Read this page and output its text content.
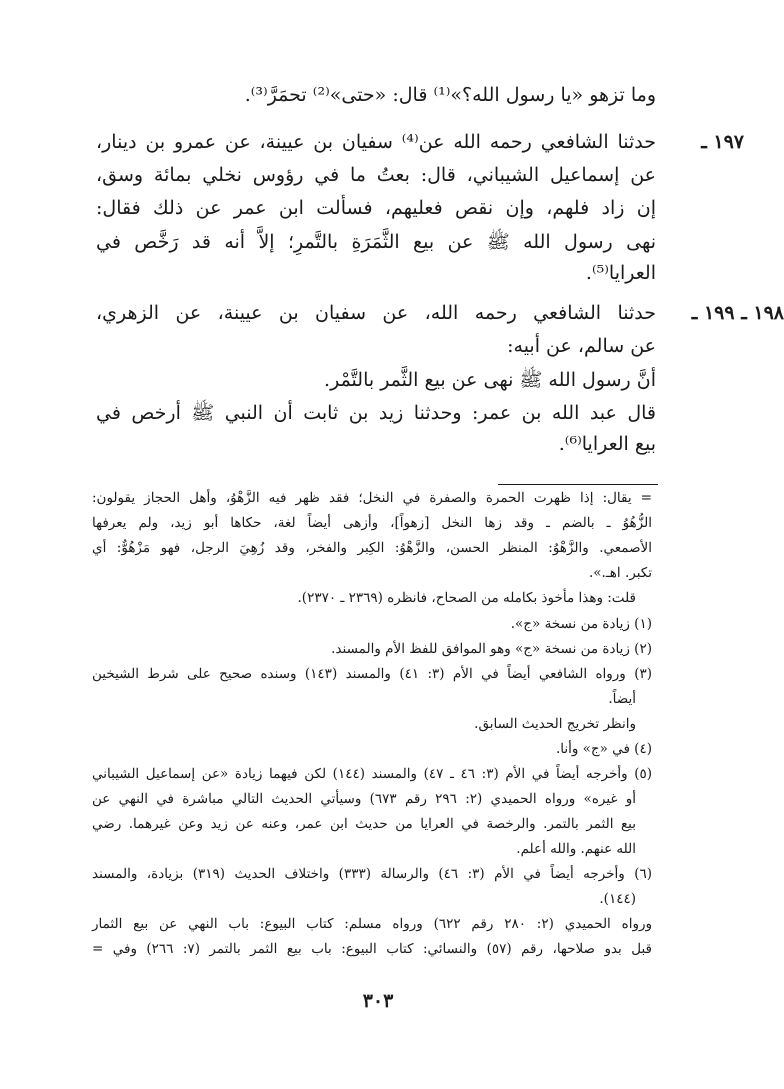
وما تزهو «يا رسول الله؟»⁽¹⁾ قال: «حتى»⁽²⁾ تحمَرَّ⁽³⁾.
١٩٧ ـ
حدثنا الشافعي رحمه الله عن⁽⁴⁾ سفيان بن عيينة، عن عمرو بن دينار،
عن إسماعيل الشيباني، قال: بعتُ ما في رؤوس نخلي بمائة وسق،
إن زاد فلهم، وإن نقص فعليهم، فسألت ابن عمر عن ذلك فقال:
نهى رسول الله ﷺ عن بيع الثَّمَرَةِ بالتَّمرِ؛ إلاَّ أنه قد رَخَّص في
العرايا⁽⁵⁾.
١٩٨ ـ ١٩٩ ـ
حدثنا الشافعي رحمه الله، عن سفيان بن عيينة، عن الزهري،
عن سالم، عن أبيه:
أنَّ رسول الله ﷺ نهى عن بيع الثَّمر بالتَّمْر.
قال عبد الله بن عمر: وحدثنا زيد بن ثابت أن النبي ﷺ أرخص في
بيع العرايا⁽⁶⁾.
= يقال: إذا ظهرت الحمرة والصفرة في النخل؛ فقد ظهر فيه الزَّهْوُ، وأهل الحجاز يقولون:
الزُّهُوُ ـ بالضم ـ وقد زها النخل [زهواً]، وأزهى أيضاً لغة، حكاها أبو زيد، ولم يعرفها
الأصمعي. والزَّهْوُ: المنظر الحسن، والزَّهْوُ: الكِبر والفخر، وقد زُهِيَ الرجل، فهو مَزْهُوٌّ: أي
تكبر. اهـ.».
قلت: وهذا مأخوذ بكامله من الصحاح، فانظره (٢٣٦٩ ـ ٢٣٧٠).
(١) زيادة من نسخة «ج».
(٢) زيادة من نسخة «ج» وهو الموافق للفظ الأم والمسند.
(٣) ورواه الشافعي أيضاً في الأم (٣: ٤١) والمسند (١٤٣) وسنده صحيح على شرط الشيخين
أيضاً.
وانظر تخريج الحديث السابق.
(٤) في «ج» وأنا.
(٥) وأخرجه أيضاً في الأم (٣: ٤٦ ـ ٤٧) والمسند (١٤٤) لكن فيهما زيادة «عن إسماعيل الشيباني
أو غيره» ورواه الحميدي (٢: ٢٩٦ رقم ٦٧٣) وسيأتي الحديث التالي مباشرة في النهي عن
بيع الثمر بالتمر. والرخصة في العرايا من حديث ابن عمر، وعنه عن زيد وعن غيرهما. رضي
الله عنهم. والله أعلم.
(٦) وأخرجه أيضاً في الأم (٣: ٤٦) والرسالة (٣٣٣) واختلاف الحديث (٣١٩) بزيادة، والمسند
(١٤٤).
ورواه الحميدي (٢: ٢٨٠ رقم ٦٢٢) ورواه مسلم: كتاب البيوع: باب النهي عن بيع الثمار
قبل بدو صلاحها، رقم (٥٧) والنسائي: كتاب البيوع: باب بيع الثمر بالتمر (٧: ٢٦٦) وفي =
٣٠٣
